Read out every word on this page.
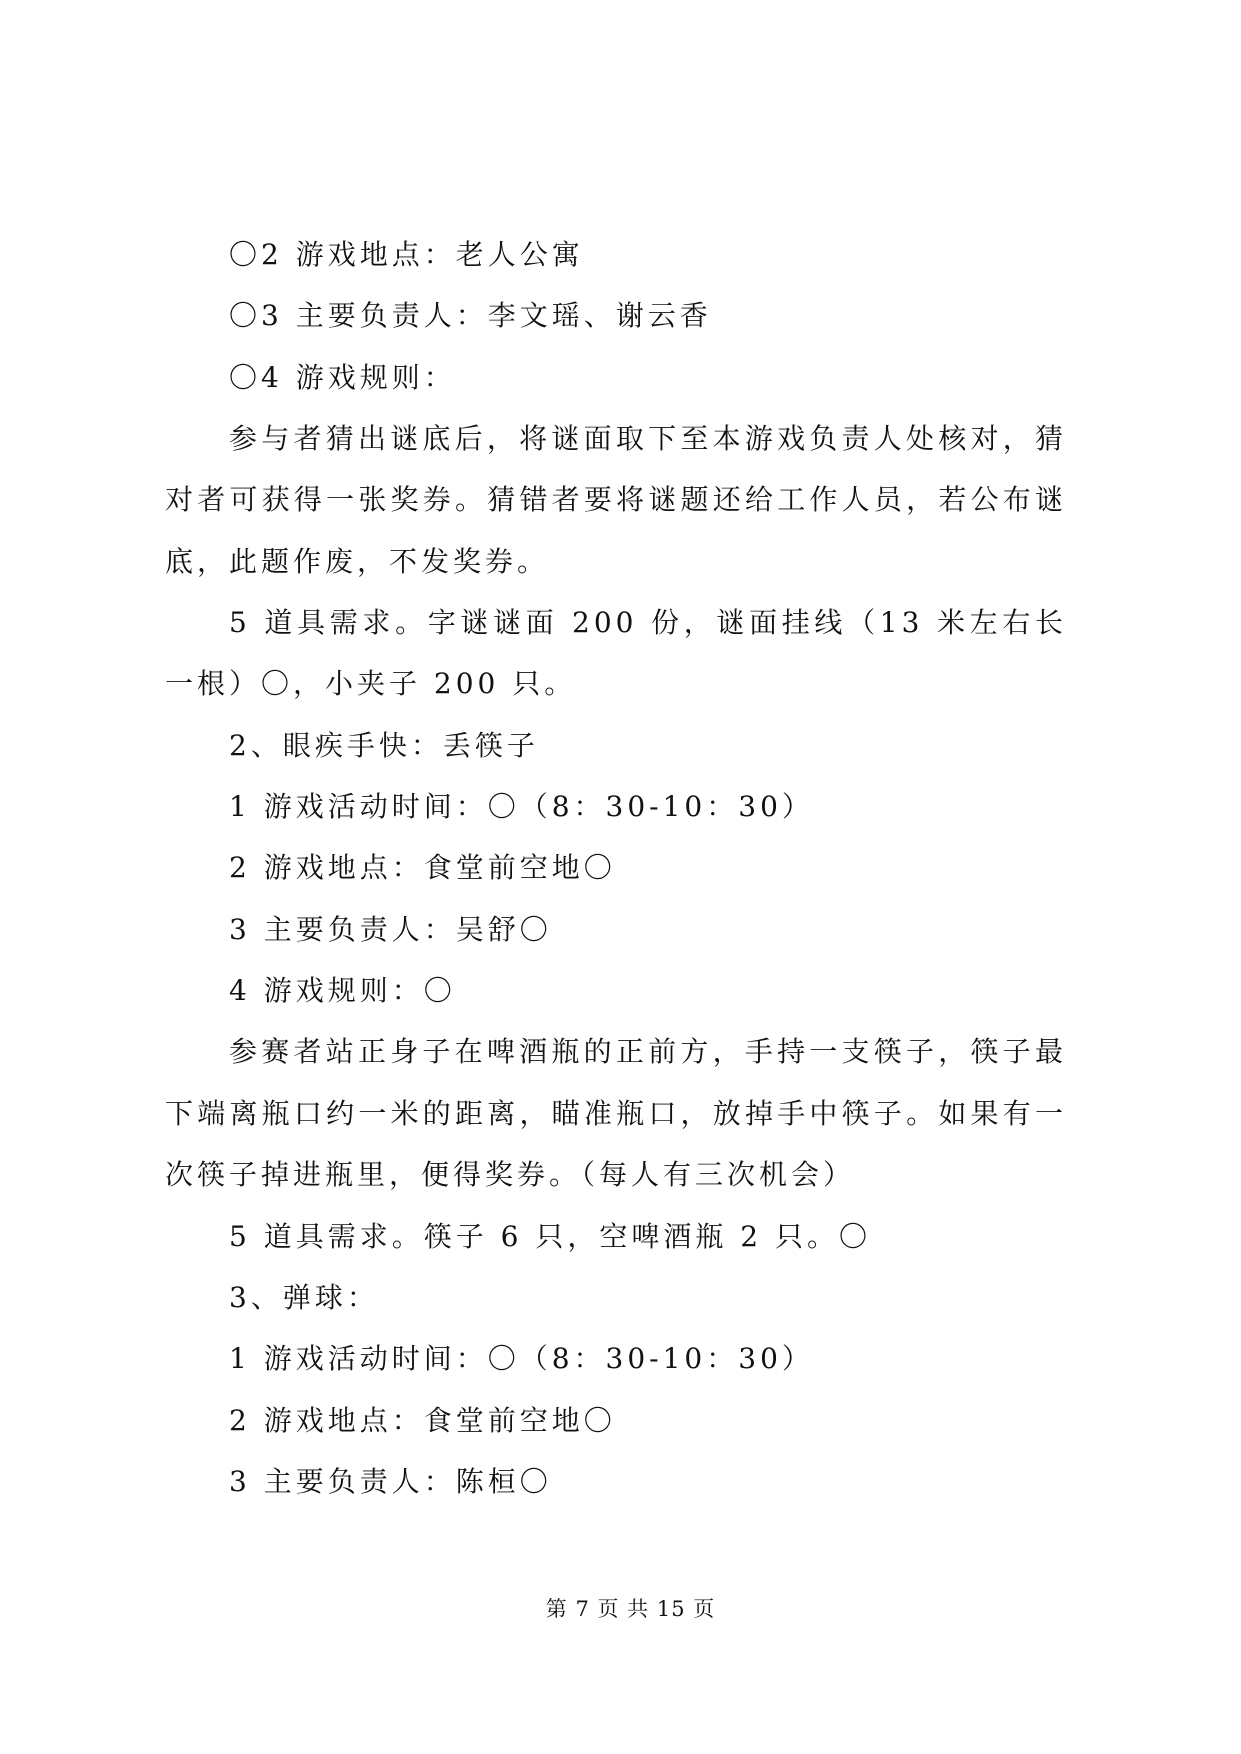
〇2 游戏地点：老人公寓
〇3 主要负责人：李文瑶、谢云香
〇4 游戏规则：
参与者猜出谜底后，将谜面取下至本游戏负责人处核对，猜
对者可获得一张奖券。猜错者要将谜题还给工作人员，若公布谜
底，此题作废，不发奖券。
5 道具需求。字谜谜面 200 份，谜面挂线（13 米左右长
一根）〇，小夹子 200 只。
2、眼疾手快：丢筷子
1 游戏活动时间：〇（8：30-10：30）
2 游戏地点：食堂前空地〇
3 主要负责人：吴舒〇
4 游戏规则：〇
参赛者站正身子在啤酒瓶的正前方，手持一支筷子，筷子最
下端离瓶口约一米的距离，瞄准瓶口，放掉手中筷子。如果有一
次筷子掉进瓶里，便得奖券。（每人有三次机会）
5 道具需求。筷子 6 只，空啤酒瓶 2 只。〇
3、弹球：
1 游戏活动时间：〇（8：30-10：30）
2 游戏地点：食堂前空地〇
3 主要负责人：陈桓〇
第 7 页 共 15 页
